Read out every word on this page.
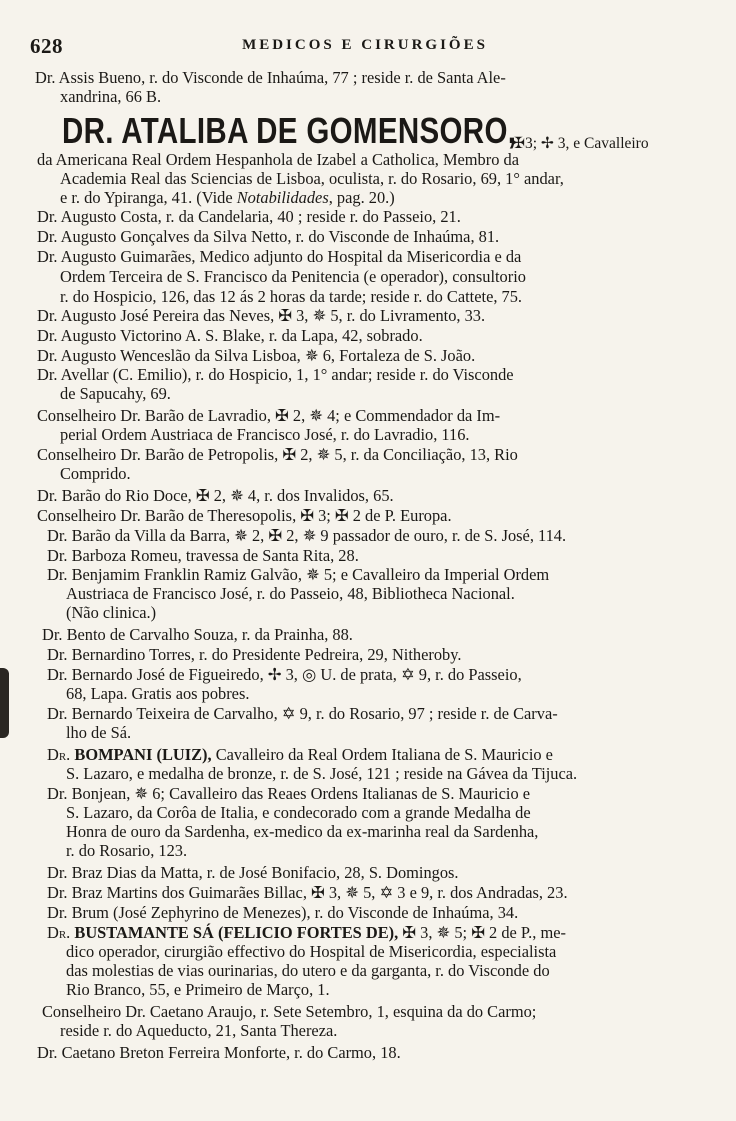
628	MEDICOS E CIRURGIÕES
Dr. Assis Bueno, r. do Visconde de Inhaúma, 77 ; reside r. de Santa Ale-
xandrina, 66 B.
DR. ATALIBA DE GOMENSORO,
✠3; ✢ 3, e Cavalleiro
da Americana Real Ordem Hespanhola de Izabel a Catholica, Membro da
Academia Real das Sciencias de Lisboa, oculista, r. do Rosario, 69, 1° andar,
e r. do Ypiranga, 41. (Vide Notabilidades, pag. 20.)
Dr. Augusto Costa, r. da Candelaria, 40 ; reside r. do Passeio, 21.
Dr. Augusto Gonçalves da Silva Netto, r. do Visconde de Inhaúma, 81.
Dr. Augusto Guimarães, Medico adjunto do Hospital da Misericordia e da
Ordem Terceira de S. Francisco da Penitencia (e operador), consultorio
r. do Hospicio, 126, das 12 ás 2 horas da tarde; reside r. do Cattete, 75.
Dr. Augusto José Pereira das Neves, ✠ 3, ✵ 5, r. do Livramento, 33.
Dr. Augusto Victorino A. S. Blake, r. da Lapa, 42, sobrado.
Dr. Augusto Wenceslão da Silva Lisboa, ✵ 6, Fortaleza de S. João.
Dr. Avellar (C. Emilio), r. do Hospicio, 1, 1° andar; reside r. do Visconde
de Sapucahy, 69.
Conselheiro Dr. Barão de Lavradio, ✠ 2, ✵ 4; e Commendador da Im-
perial Ordem Austriaca de Francisco José, r. do Lavradio, 116.
Conselheiro Dr. Barão de Petropolis, ✠ 2, ✵ 5, r. da Conciliação, 13, Rio
Comprido.
Dr. Barão do Rio Doce, ✠ 2, ✵ 4, r. dos Invalidos, 65.
Conselheiro Dr. Barão de Theresopolis, ✠ 3; ✠ 2 de P. Europa.
Dr. Barão da Villa da Barra, ✵ 2, ✠ 2, ✵ 9 passador de ouro, r. de S. José, 114.
Dr. Barboza Romeu, travessa de Santa Rita, 28.
Dr. Benjamim Franklin Ramiz Galvão, ✵ 5; e Cavalleiro da Imperial Ordem
Austriaca de Francisco José, r. do Passeio, 48, Bibliotheca Nacional.
(Não clinica.)
Dr. Bento de Carvalho Souza, r. da Prainha, 88.
Dr. Bernardino Torres, r. do Presidente Pedreira, 29, Nitheroby.
Dr. Bernardo José de Figueiredo, ✢ 3, ◎ U. de prata, ✡ 9, r. do Passeio,
68, Lapa. Gratis aos pobres.
Dr. Bernardo Teixeira de Carvalho, ✡ 9, r. do Rosario, 97 ; reside r. de Carva-
lho de Sá.
Dr. BOMPANI (LUIZ), Cavalleiro da Real Ordem Italiana de S. Mauricio e
S. Lazaro, e medalha de bronze, r. de S. José, 121 ; reside na Gávea da Tijuca.
Dr. Bonjean, ✵ 6; Cavalleiro das Reaes Ordens Italianas de S. Mauricio e
S. Lazaro, da Corôa de Italia, e condecorado com a grande Medalha de
Honra de ouro da Sardenha, ex-medico da ex-marinha real da Sardenha,
r. do Rosario, 123.
Dr. Braz Dias da Matta, r. de José Bonifacio, 28, S. Domingos.
Dr. Braz Martins dos Guimarães Billac, ✠ 3, ✵ 5, ✡ 3 e 9, r. dos Andradas, 23.
Dr. Brum (José Zephyrino de Menezes), r. do Visconde de Inhaúma, 34.
Dr. BUSTAMANTE SÁ (FELICIO FORTES DE), ✠ 3, ✵ 5; ✠ 2 de P., me-
dico operador, cirurgião effectivo do Hospital de Misericordia, especialista
das molestias de vias ourinarias, do utero e da garganta, r. do Visconde do
Rio Branco, 55, e Primeiro de Março, 1.
Conselheiro Dr. Caetano Araujo, r. Sete Setembro, 1, esquina da do Carmo;
reside r. do Aqueducto, 21, Santa Thereza.
Dr. Caetano Breton Ferreira Monforte, r. do Carmo, 18.
